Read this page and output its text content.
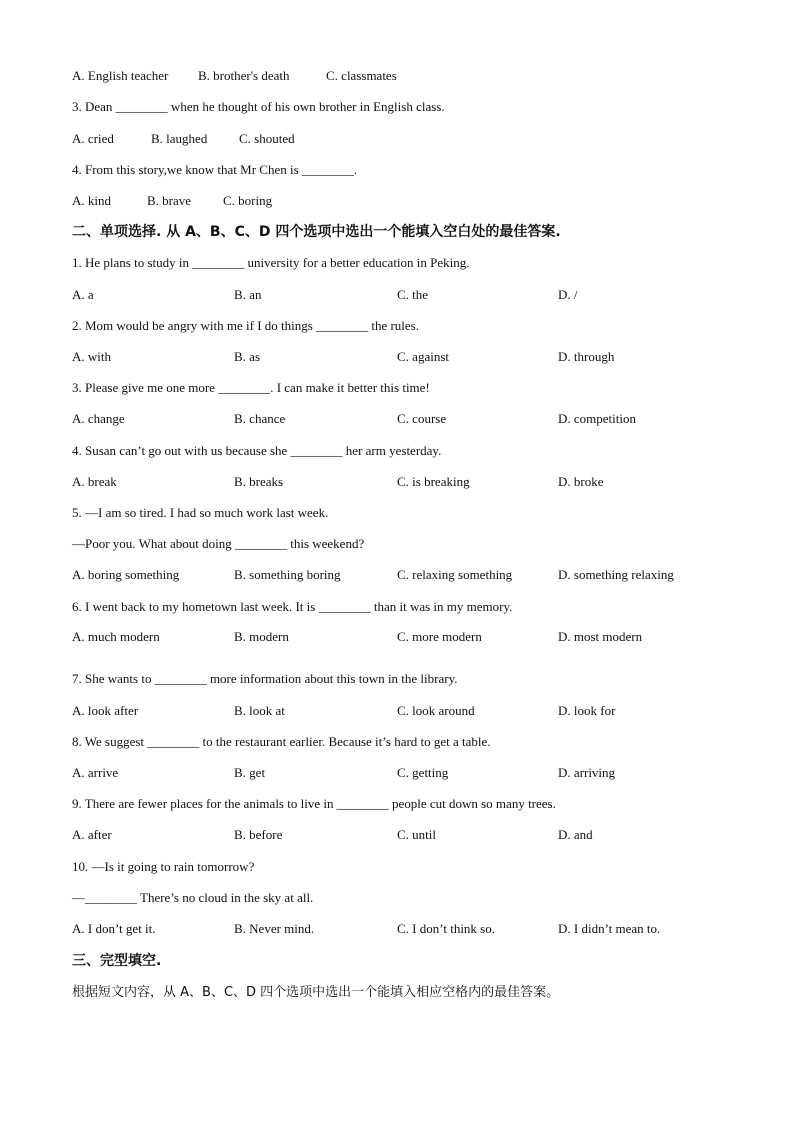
A. English teacher B. brother's death	C. classmates
3. Dean ________ when he thought of his own brother in English class.
A. cried	B. laughed C. shouted
4. From this story,we know that Mr Chen is ________.
A. kind	B. brave C. boring
二、单项选择. 从 A、B、C、D 四个选项中选出一个能填入空白处的最佳答案.
1. He plans to study in ________ university for a better education in Peking.
A. a	B. an	C. the	D. /
2. Mom would be angry with me if I do things ________ the rules.
A. with	B. as	C. against	D. through
3. Please give me one more ________. I can make it better this time!
A. change	B. chance	C. course	D. competition
4. Susan can’t go out with us because she ________ her arm yesterday.
A. break	B. breaks	C. is breaking	D. broke
5. —I am so tired. I had so much work last week.
—Poor you. What about doing ________ this weekend?
A. boring something	B. something boring	C. relaxing something	D. something relaxing
6. I went back to my hometown last week. It is ________ than it was in my memory.
A. much modern	B. modern	C. more modern	D. most modern
7. She wants to ________ more information about this town in the library.
A. look after	B. look at	C. look around	D. look for
8. We suggest ________ to the restaurant earlier. Because it’s hard to get a table.
A. arrive	B. get	C. getting	D. arriving
9. There are fewer places for the animals to live in ________ people cut down so many trees.
A. after	B. before	C. until	D. and
10. —Is it going to rain tomorrow?
—________ There’s no cloud in the sky at all.
A. I don’t get it.	B. Never mind.	C. I don’t think so.	D. I didn’t mean to.
三、完型填空.
根据短文内容，从 A、B、C、D 四个选项中选出一个能填入相应空格内的最佳答案。
